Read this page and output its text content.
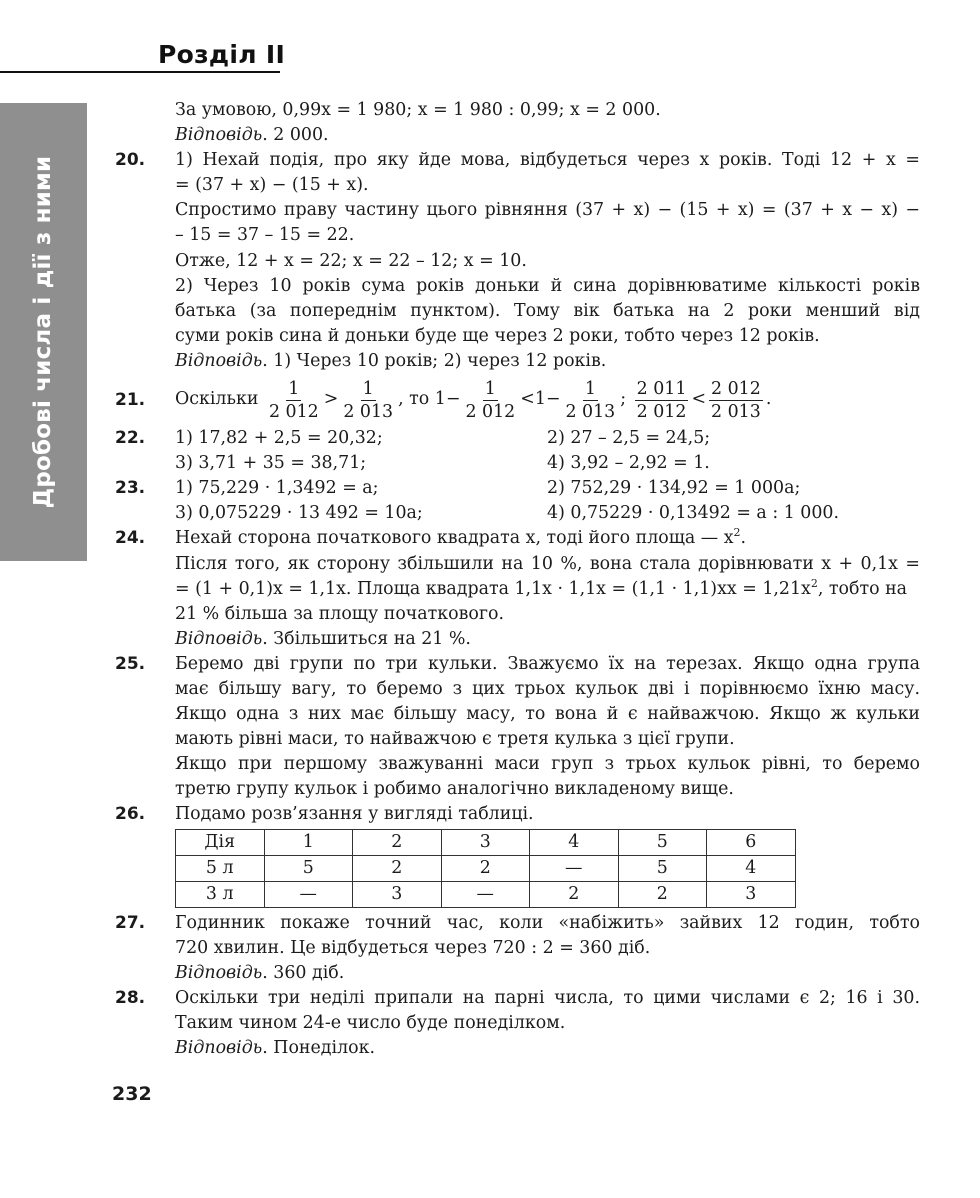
Розділ ІІ
Дробові числа і дії з ними
За умовою, 0,99х = 1 980; х = 1 980 : 0,99; х = 2 000.
Відповідь. 2 000.
20. 1) Нехай подія, про яку йде мова, відбудеться через х років. Тоді 12 + х =
= (37 + х) − (15 + х).
Спростимо праву частину цього рівняння (37 + х) − (15 + х) = (37 + х − х) −
– 15 = 37 – 15 = 22.
Отже, 12 + х = 22; х = 22 – 12; х = 10.
2) Через 10 років сума років доньки й сина дорівнюватиме кількості років
батька (за попереднім пунктом). Тому вік батька на 2 роки менший від
суми років сина й доньки буде ще через 2 роки, тобто через 12 років.
Відповідь. 1) Через 10 років; 2) через 12 років.
21. Оскільки
$\frac{1}{2 012} > \frac{1}{2 013}$ , то
$1- \frac{1}{2 012} < 1- \frac{1}{2 013}$ ;
$\frac{2 011}{2 012} < \frac{2 012}{2 013}$ .
22. 1) 17,82 + 2,5 = 20,32;	2) 27 – 2,5 = 24,5;
3) 3,71 + 35 = 38,71;	4) 3,92 – 2,92 = 1.
23. 1) 75,229 · 1,3492 = а;	2) 752,29 · 134,92 = 1 000а;
3) 0,075229 · 13 492 = 10а;	4) 0,75229 · 0,13492 = а : 1 000.
24. Нехай сторона початкового квадрата х, тоді його площа — $х^2$.
Після того, як сторону збільшили на 10 %, вона стала дорівнювати х + 0,1х =
= (1 + 0,1)х = 1,1х. Площа квадрата $1,1х \cdot 1,1х = (1,1 \cdot 1,1)хх = 1,21х^2$, тобто на
21 % більша за площу початкового.
Відповідь. Збільшиться на 21 %.
25. Беремо дві групи по три кульки. Зважуємо їх на терезах. Якщо одна група
має більшу вагу, то беремо з цих трьох кульок дві і порівнюємо їхню масу.
Якщо одна з них має більшу масу, то вона й є найважчою. Якщо ж кульки
мають рівні маси, то найважчою є третя кулька з цієї групи.
Якщо при першому зважуванні маси груп з трьох кульок рівні, то беремо
третю групу кульок і робимо аналогічно викладеному вище.
26. Подамо розв’язання у вигляді таблиці.
Дія	1	2	3	4	5	6
5 л	5	2	2	—	5	4
3 л	—	3	—	2	2	3
27. Годинник покаже точний час, коли «набіжить» зайвих 12 годин, тобто
720 хвилин. Це відбудеться через 720 : 2 = 360 діб.
Відповідь. 360 діб.
28. Оскільки три неділі припали на парні числа, то цими числами є 2; 16 і 30.
Таким чином 24-е число буде понеділком.
Відповідь. Понеділок.
232
